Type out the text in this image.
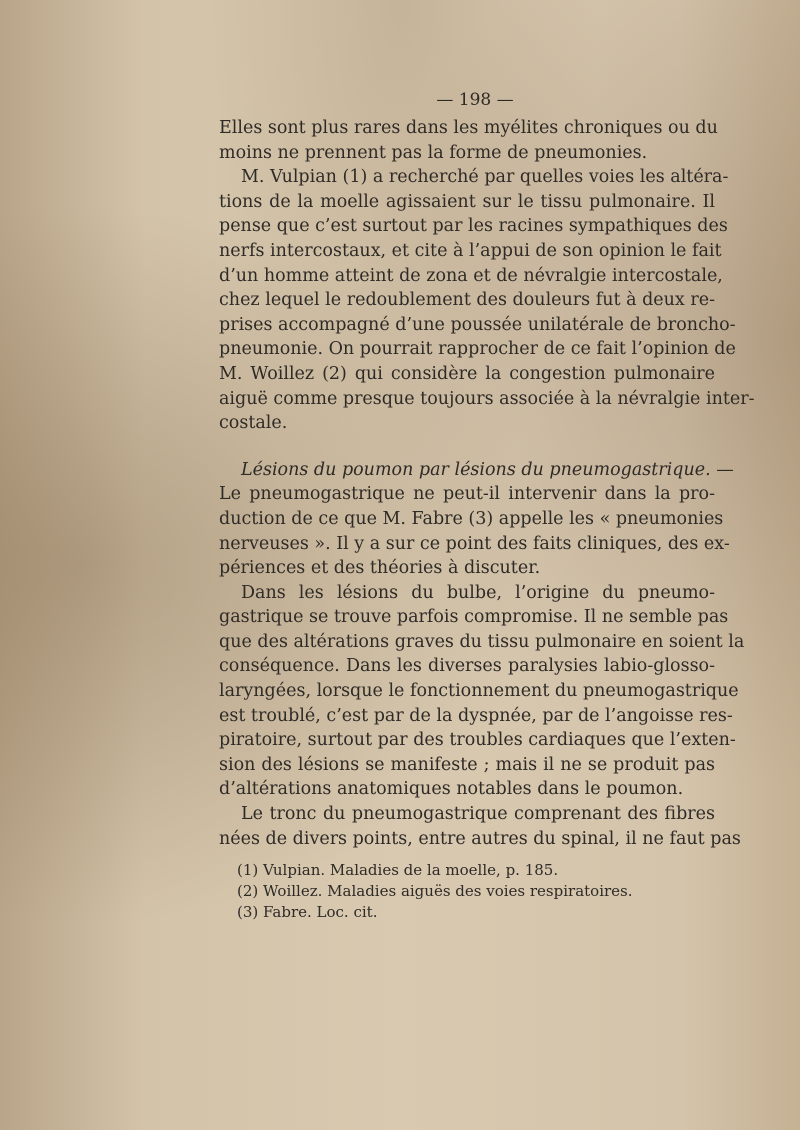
— 198 —
Elles sont plus rares dans les myélites chroniques ou du
moins ne prennent pas la forme de pneumonies.
M. Vulpian (1) a recherché par quelles voies les altéra-
tions de la moelle agissaient sur le tissu pulmonaire. Il
pense que c’est surtout par les racines sympathiques des
nerfs intercostaux, et cite à l’appui de son opinion le fait
d’un homme atteint de zona et de névralgie intercostale,
chez lequel le redoublement des douleurs fut à deux re-
prises accompagné d’une poussée unilatérale de broncho-
pneumonie. On pourrait rapprocher de ce fait l’opinion de
M. Woillez (2) qui considère la congestion pulmonaire
aiguë comme presque toujours associée à la névralgie inter-
costale.
Lésions du poumon par lésions du pneumogastrique. —
Le pneumogastrique ne peut-il intervenir dans la pro-
duction de ce que M. Fabre (3) appelle les « pneumonies
nerveuses ». Il y a sur ce point des faits cliniques, des ex-
périences et des théories à discuter.
Dans les lésions du bulbe, l’origine du pneumo-
gastrique se trouve parfois compromise. Il ne semble pas
que des altérations graves du tissu pulmonaire en soient la
conséquence. Dans les diverses paralysies labio-glosso-
laryngées, lorsque le fonctionnement du pneumogastrique
est troublé, c’est par de la dyspnée, par de l’angoisse res-
piratoire, surtout par des troubles cardiaques que l’exten-
sion des lésions se manifeste ; mais il ne se produit pas
d’altérations anatomiques notables dans le poumon.
Le tronc du pneumogastrique comprenant des fibres
nées de divers points, entre autres du spinal, il ne faut pas
(1) Vulpian. Maladies de la moelle, p. 185.
(2) Woillez. Maladies aiguës des voies respiratoires.
(3) Fabre. Loc. cit.
